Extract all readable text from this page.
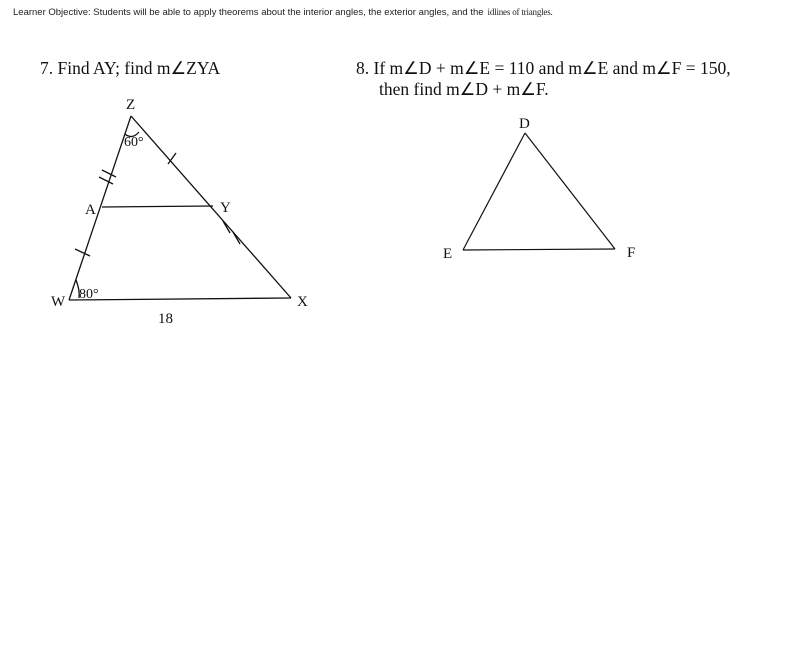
Learner Objective: Students will be able to apply theorems about the interior angles, the exterior angles, and the idlines of triangles.
7. Find AY; find m∠ZYA	8. If m∠D + m∠E = 110 and m∠E and m∠F = 150,
then find m∠D + m∠F.
Z
A	Y
W	X
60°
80°
18
D
E	F
